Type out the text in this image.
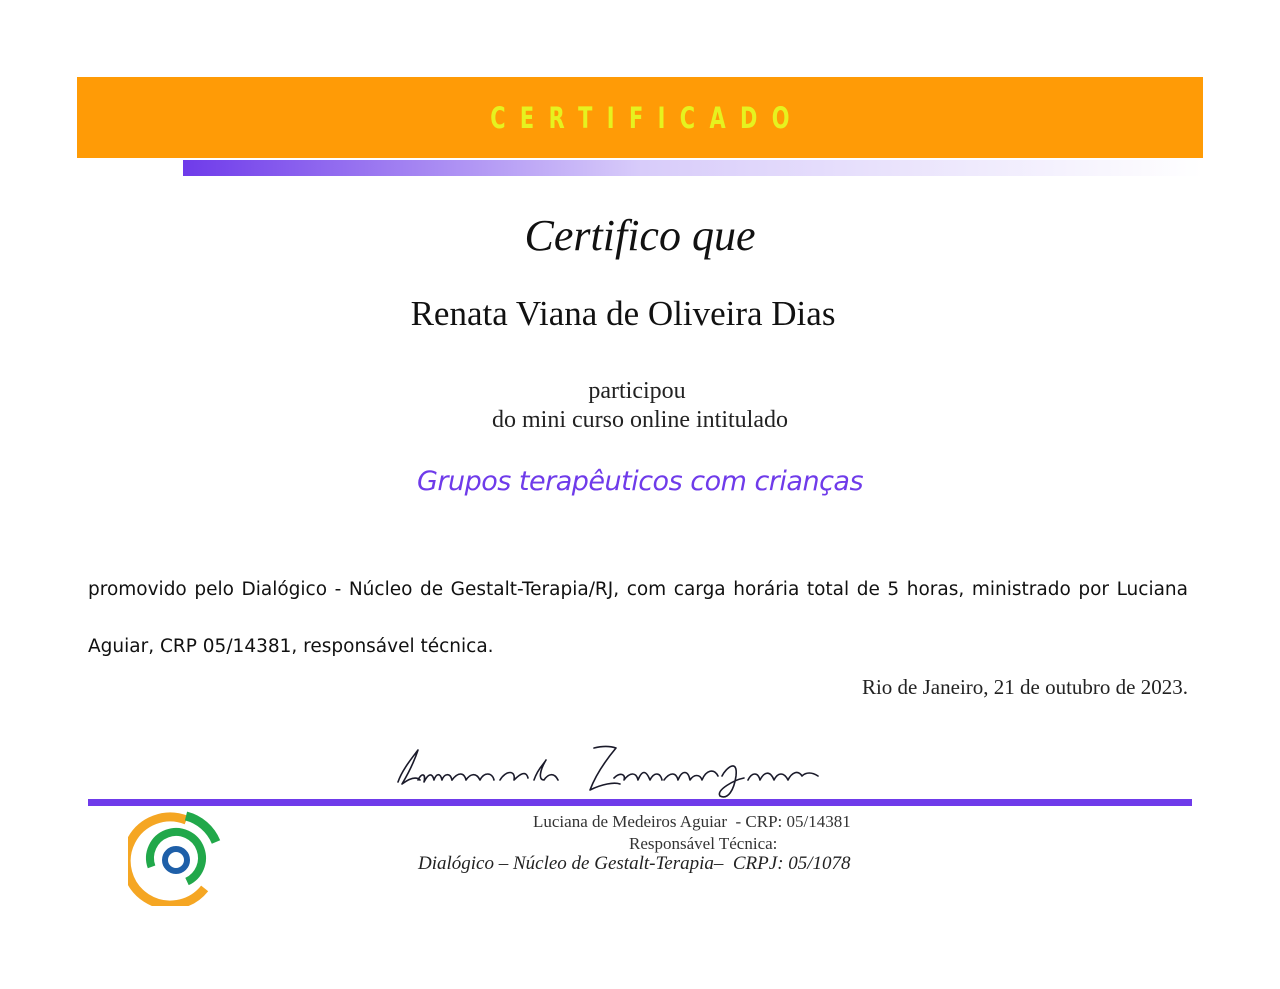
CERTIFICADO
Certifico que
Renata Viana de Oliveira Dias
participou
do mini curso online intitulado
Grupos terapêuticos com crianças
promovido pelo Dialógico - Núcleo de Gestalt-Terapia/RJ, com carga horária total de 5 horas, ministrado por Luciana Aguiar, CRP 05/14381, responsável técnica.
Rio de Janeiro, 21 de outubro de 2023.
Luciana de Medeiros Aguiar  - CRP: 05/14381
Responsável Técnica:
Dialógico – Núcleo de Gestalt-Terapia–  CRPJ: 05/1078
